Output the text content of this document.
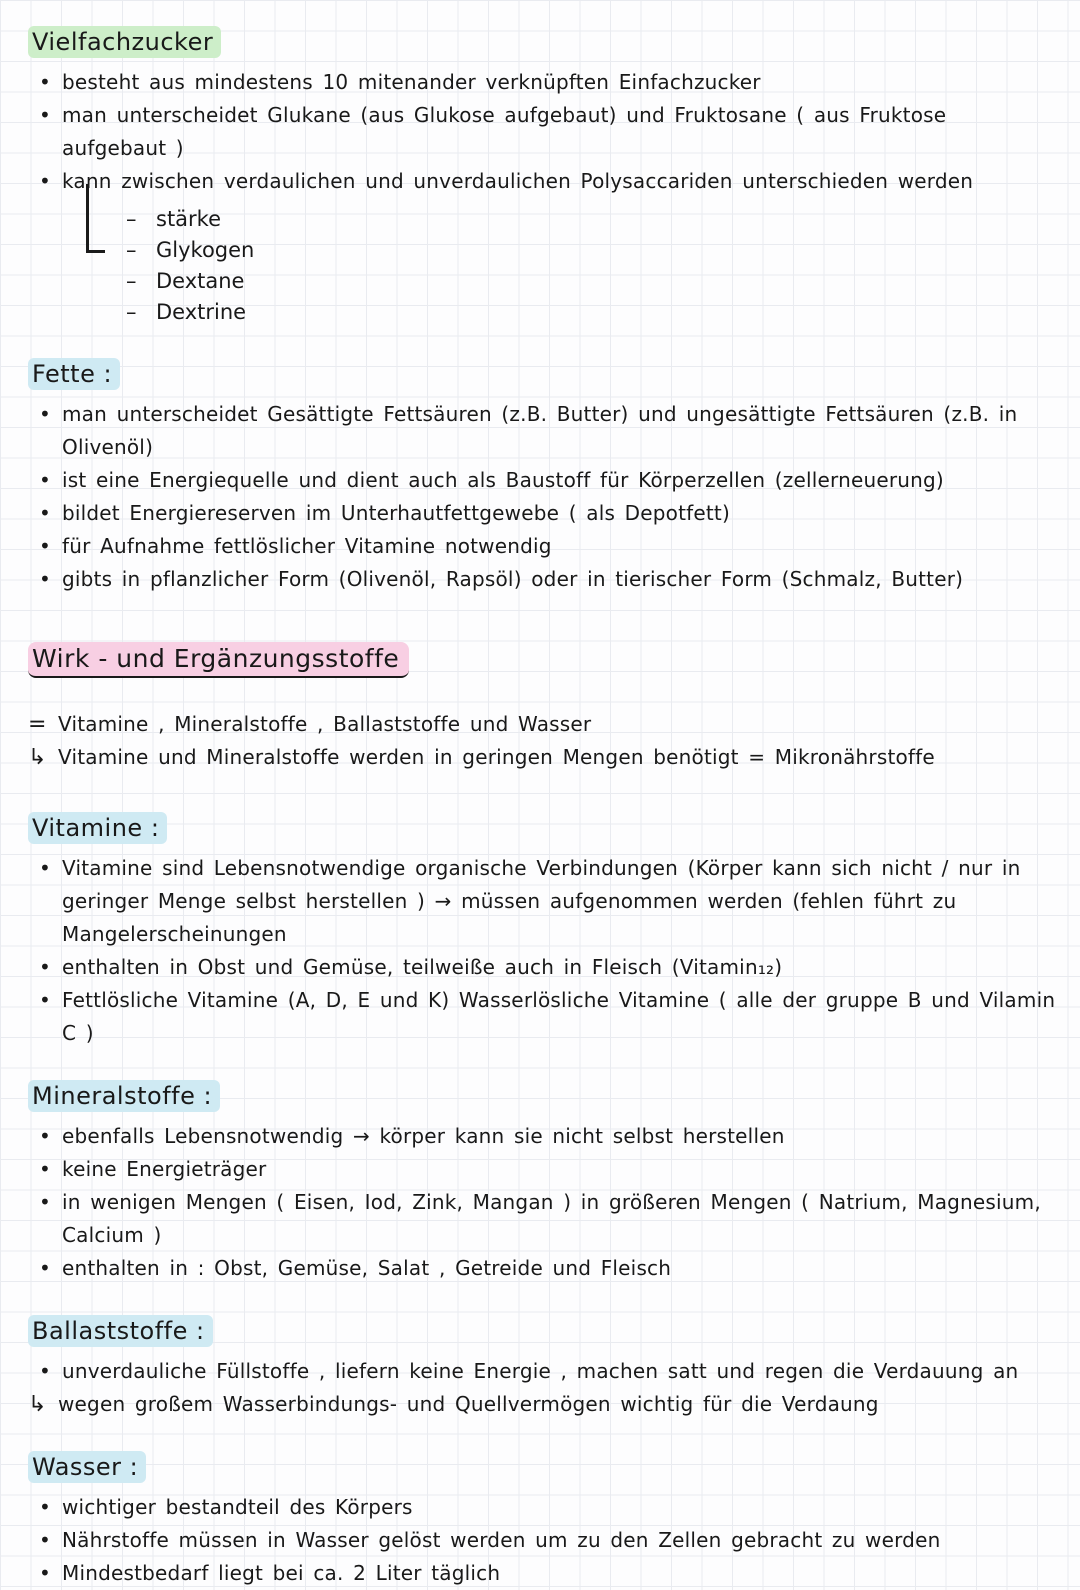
Vielfachzucker
• besteht aus mindestens 10 mitenander verknüpften Einfachzucker
• man unterscheidet Glukane (aus Glukose aufgebaut) und Fruktosane ( aus Fruktose aufgebaut )
• kann zwischen verdaulichen und unverdaulichen Polysaccariden unterschieden werden
– stärke
– Glykogen
– Dextane
– Dextrine
Fette :
• man unterscheidet Gesättigte Fettsäuren (z.B. Butter) und ungesättigte Fettsäuren (z.B. in Olivenöl)
• ist eine Energiequelle und dient auch als Baustoff für Körperzellen (zellerneuerung)
• bildet Energiereserven im Unterhautfettgewebe ( als Depotfett)
• für Aufnahme fettlöslicher Vitamine notwendig
• gibts in pflanzlicher Form (Olivenöl, Rapsöl) oder in tierischer Form (Schmalz, Butter)
Wirk - und Ergänzungsstoffe
= Vitamine , Mineralstoffe , Ballaststoffe und Wasser
↳ Vitamine und Mineralstoffe werden in geringen Mengen benötigt = Mikronährstoffe
Vitamine :
• Vitamine sind Lebensnotwendige organische Verbindungen (Körper kann sich nicht / nur in geringer Menge selbst herstellen ) → müssen aufgenommen werden (fehlen führt zu Mangelerscheinungen
• enthalten in Obst und Gemüse, teilweiße auch in Fleisch (Vitamin₁₂)
• Fettlösliche Vitamine (A, D, E und K) Wasserlösliche Vitamine ( alle der gruppe B und Vilamin C )
Mineralstoffe :
• ebenfalls Lebensnotwendig → körper kann sie nicht selbst herstellen
• keine Energieträger
• in wenigen Mengen ( Eisen, Iod, Zink, Mangan ) in größeren Mengen ( Natrium, Magnesium, Calcium )
• enthalten in : Obst, Gemüse, Salat , Getreide und Fleisch
Ballaststoffe :
• unverdauliche Füllstoffe , liefern keine Energie , machen satt und regen die Verdauung an
↳ wegen großem Wasserbindungs- und Quellvermögen wichtig für die Verdaung
Wasser :
• wichtiger bestandteil des Körpers
• Nährstoffe müssen in Wasser gelöst werden um zu den Zellen gebracht zu werden
• Mindestbedarf liegt bei ca. 2 Liter täglich
